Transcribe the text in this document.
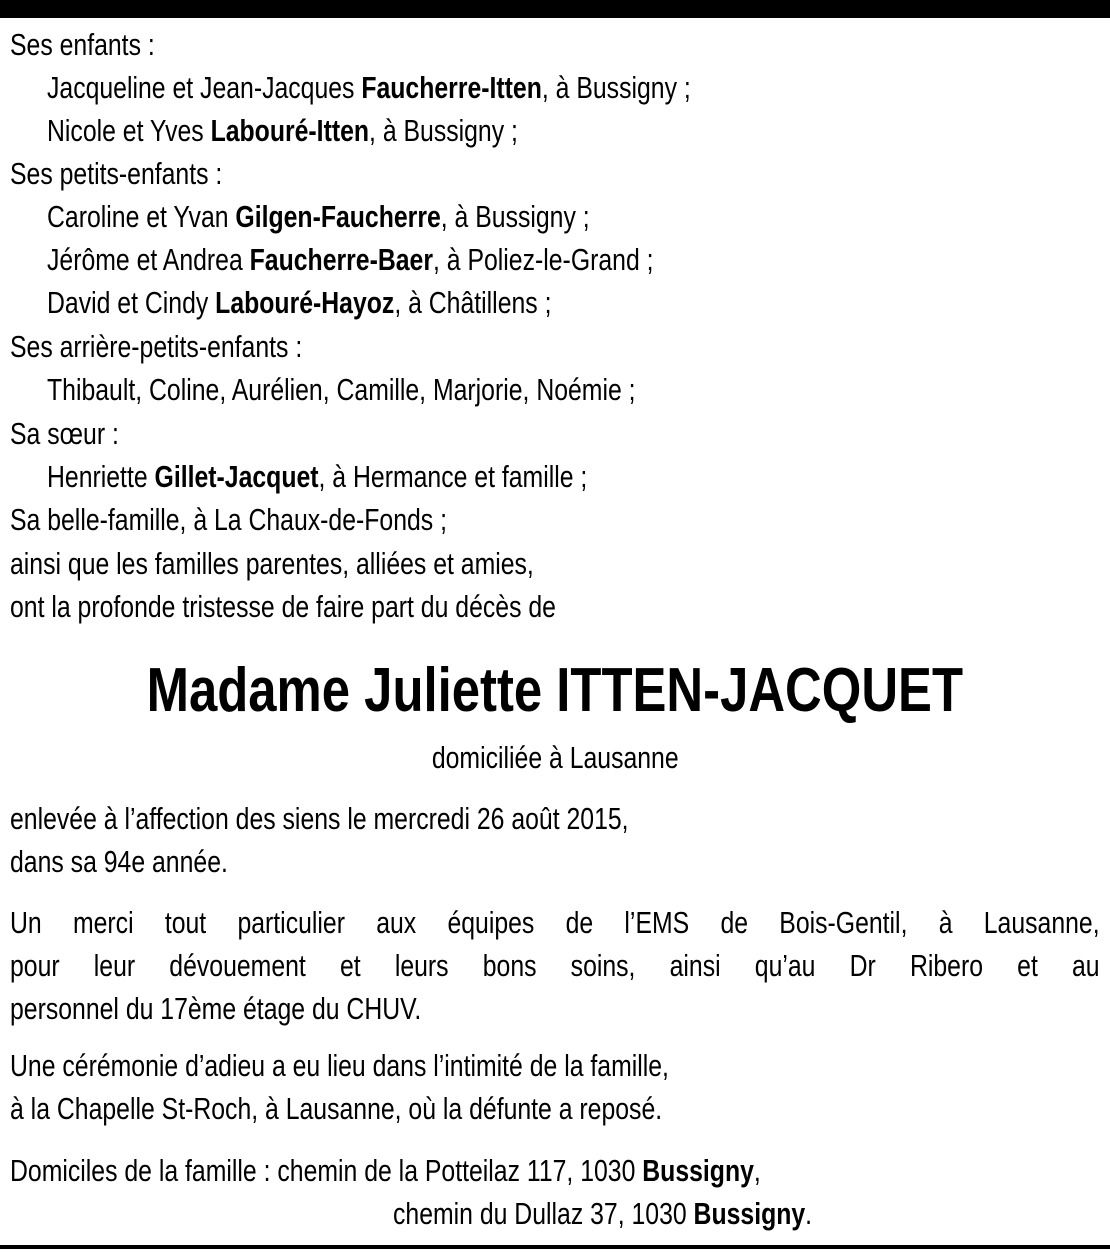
Ses enfants :
Jacqueline et Jean-Jacques Faucherre-Itten, à Bussigny ;
Nicole et Yves Labouré-Itten, à Bussigny ;
Ses petits-enfants :
Caroline et Yvan Gilgen-Faucherre, à Bussigny ;
Jérôme et Andrea Faucherre-Baer, à Poliez-le-Grand ;
David et Cindy Labouré-Hayoz, à Châtillens ;
Ses arrière-petits-enfants :
Thibault, Coline, Aurélien, Camille, Marjorie, Noémie ;
Sa sœur :
Henriette Gillet-Jacquet, à Hermance et famille ;
Sa belle-famille, à La Chaux-de-Fonds ;
ainsi que les familles parentes, alliées et amies,
ont la profonde tristesse de faire part du décès de
Madame Juliette ITTEN-JACQUET
domiciliée à Lausanne
enlevée à l’affection des siens le mercredi 26 août 2015,
dans sa 94e année.
Un merci tout particulier aux équipes de l’EMS de Bois-Gentil, à Lausanne,
pour leur dévouement et leurs bons soins, ainsi qu’au Dr Ribero et au
personnel du 17ème étage du CHUV.
Une cérémonie d’adieu a eu lieu dans l’intimité de la famille,
à la Chapelle St-Roch, à Lausanne, où la défunte a reposé.
Domiciles de la famille : chemin de la Potteilaz 117, 1030 Bussigny,
chemin du Dullaz 37, 1030 Bussigny.
